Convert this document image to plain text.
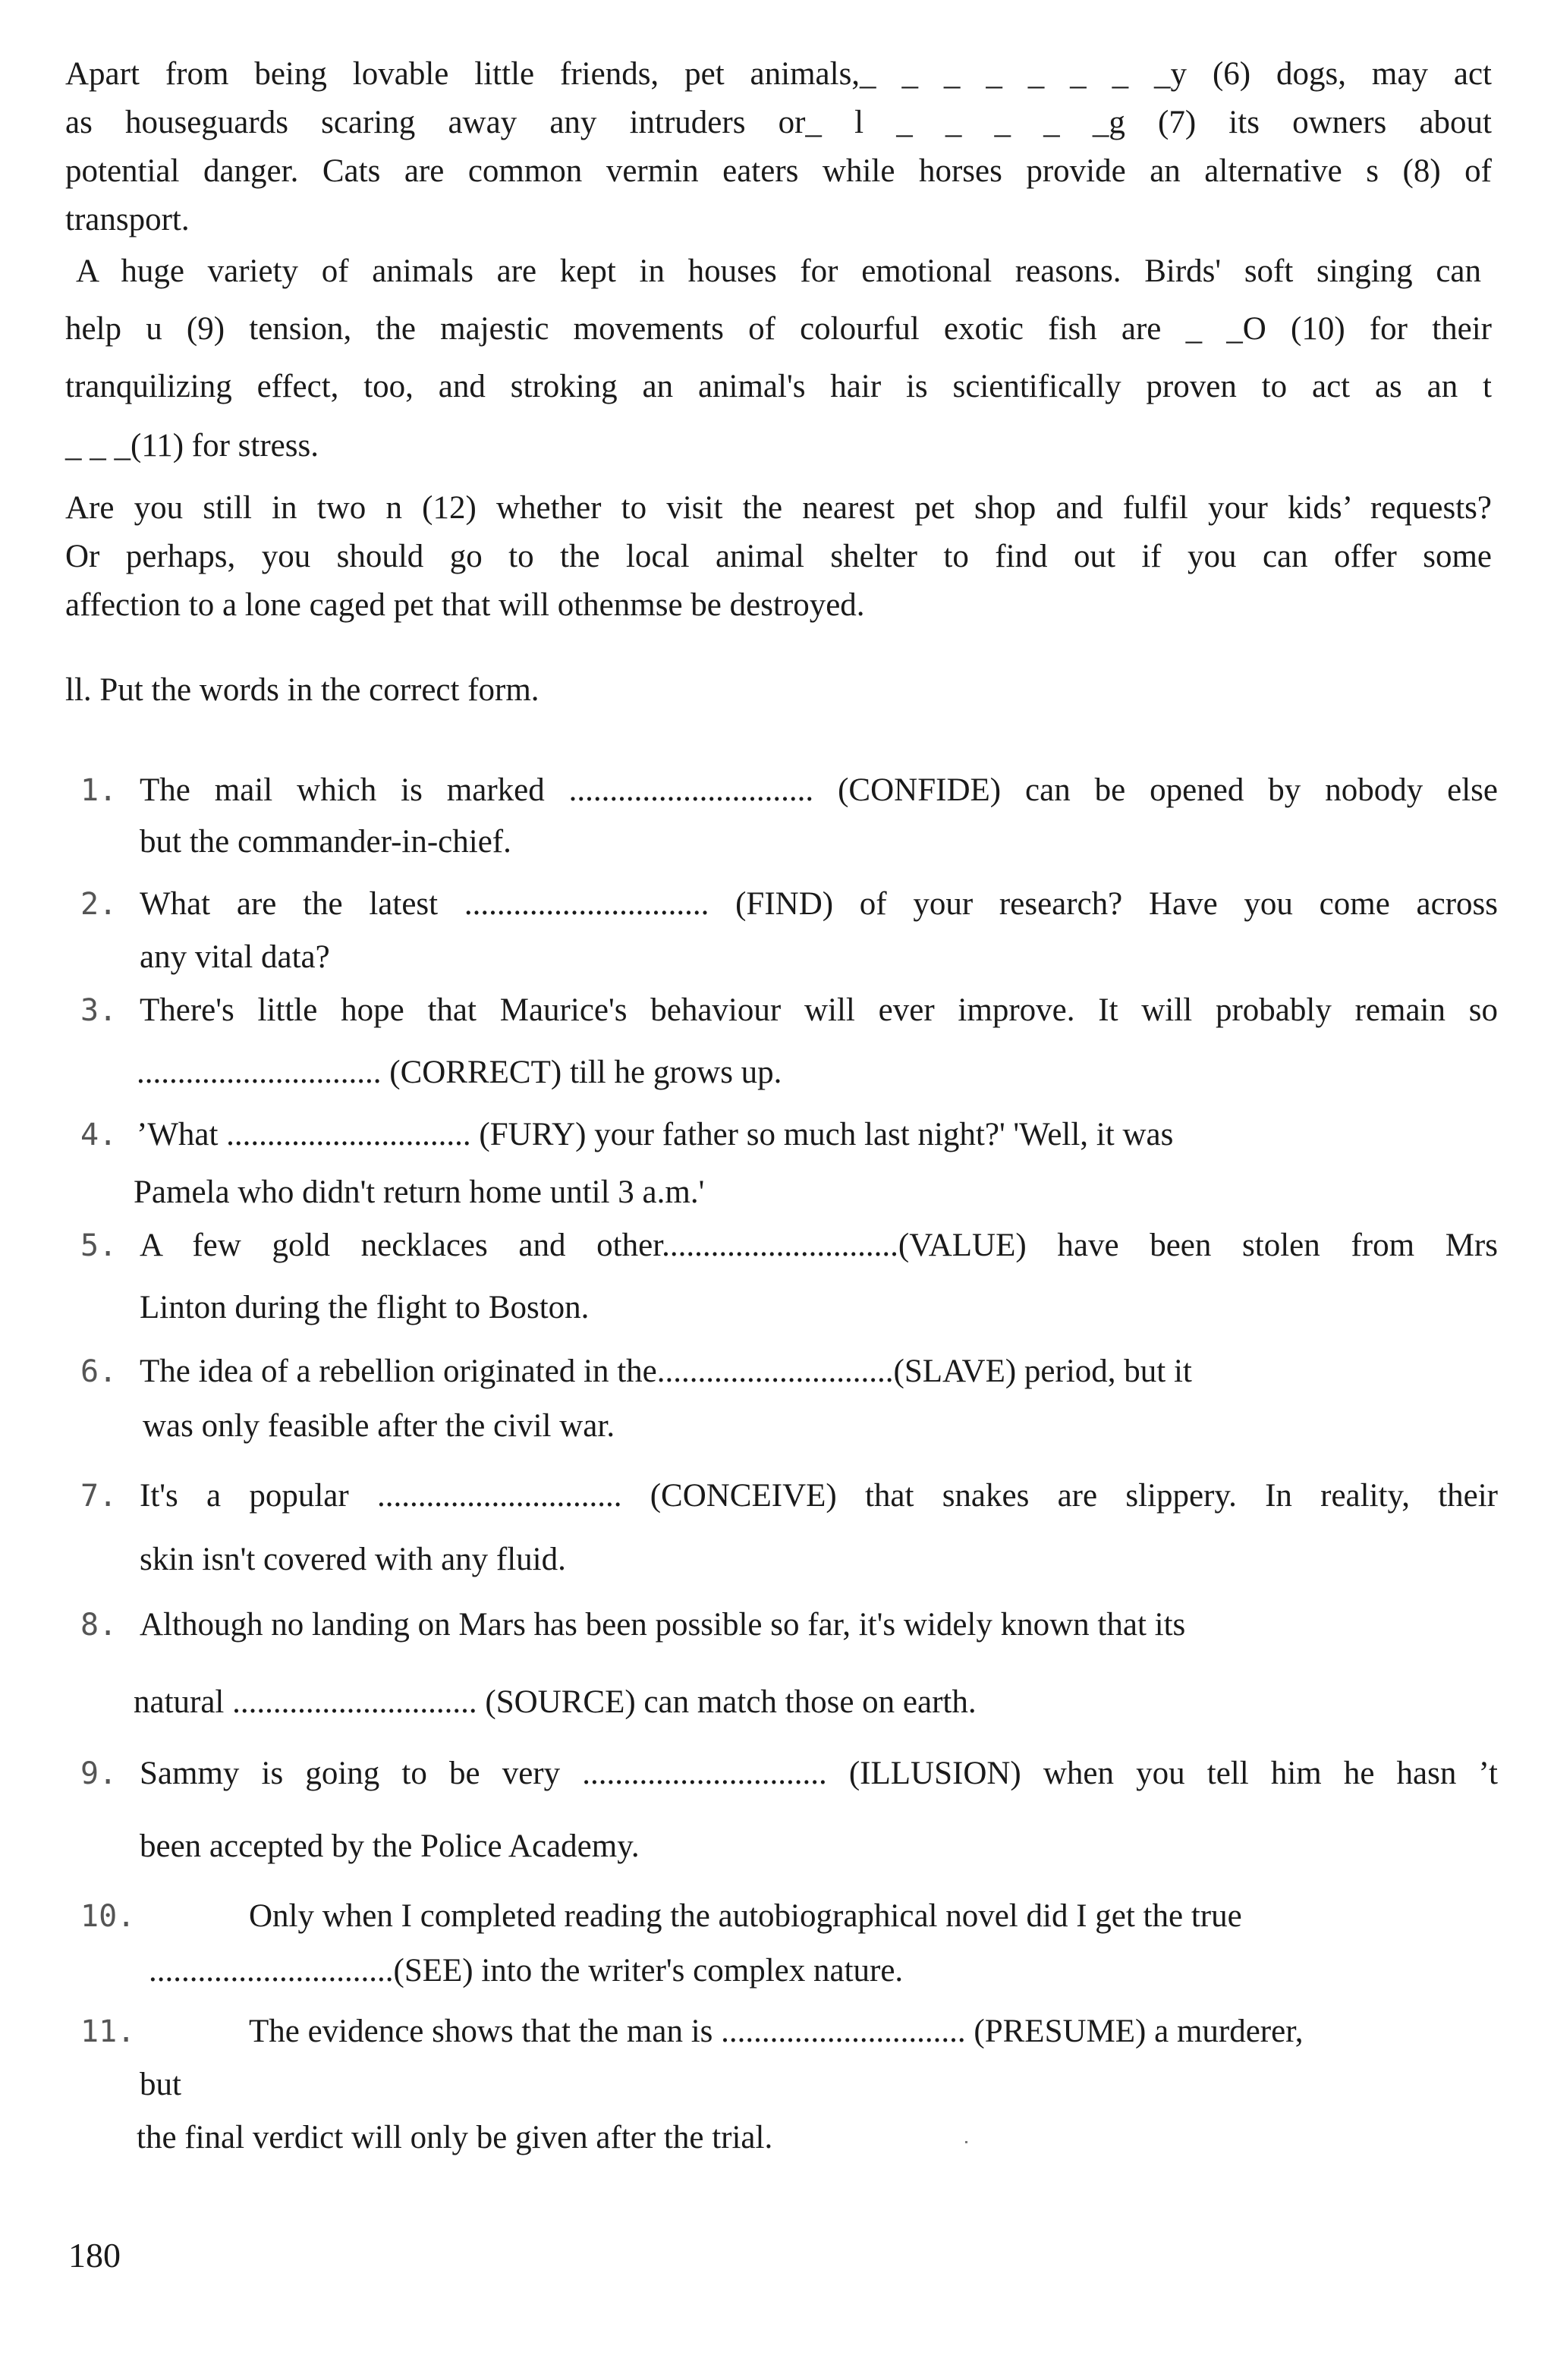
Apart from being lovable little friends, pet animals,_ _ _ _ _ _ _ _y (6) dogs, may act
as houseguards scaring away any intruders or_ l _ _ _ _ _g (7) its owners about
potential danger. Cats are common vermin eaters while horses provide an alternative s (8) of
transport.
A huge variety of animals are kept in houses for emotional reasons. Birds' soft singing can
help u (9) tension, the majestic movements of colourful exotic fish are _ _O (10) for their
tranquilizing effect, too, and stroking an animal's hair is scientifically proven to act as an t
_ _ _(11) for stress.
Are you still in two n (12) whether to visit the nearest pet shop and fulfil your kids’ requests?
Or perhaps, you should go to the local animal shelter to find out if you can offer some
affection to a lone caged pet that will othenmse be destroyed.
ll. Put the words in the correct form.
1. The mail which is marked .............................. (CONFIDE) can be opened by nobody else
but the commander-in-chief.
2. What are the latest .............................. (FIND) of your research? Have you come across
any vital data?
3. There's little hope that Maurice's behaviour will ever improve. It will probably remain so
.............................. (CORRECT) till he grows up.
4. ’What .............................. (FURY) your father so much last night?' 'Well, it was
Pamela who didn't return home until 3 a.m.'
5. A few gold necklaces and other.............................(VALUE) have been stolen from Mrs
Linton during the flight to Boston.
6. The idea of a rebellion originated in the.............................(SLAVE) period, but it
was only feasible after the civil war.
7. It's a popular .............................. (CONCEIVE) that snakes are slippery. In reality, their
skin isn't covered with any fluid.
8. Although no landing on Mars has been possible so far, it's widely known that its
natural .............................. (SOURCE) can match those on earth.
9. Sammy is going to be very .............................. (ILLUSION) when you tell him he hasn ’t
been accepted by the Police Academy.
10.	Only when I completed reading the autobiographical novel did I get the true
..............................(SEE) into the writer's complex nature.
11.	The evidence shows that the man is .............................. (PRESUME) a murderer,
but
the final verdict will only be given after the trial.
180
